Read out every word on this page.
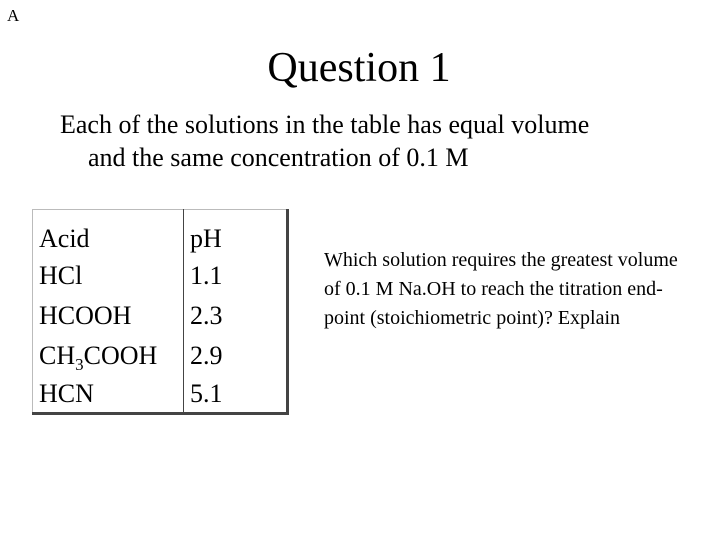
A
Question 1
Each of the solutions in the table has equal volume
and the same concentration of 0.1 M
Acid	pH
HCl	1.1
HCOOH	2.3
$CH_3COOH$	2.9
HCN	5.1
Which solution requires the greatest volume of 0.1 M Na.OH to reach the titration end-point (stoichiometric point)? Explain
